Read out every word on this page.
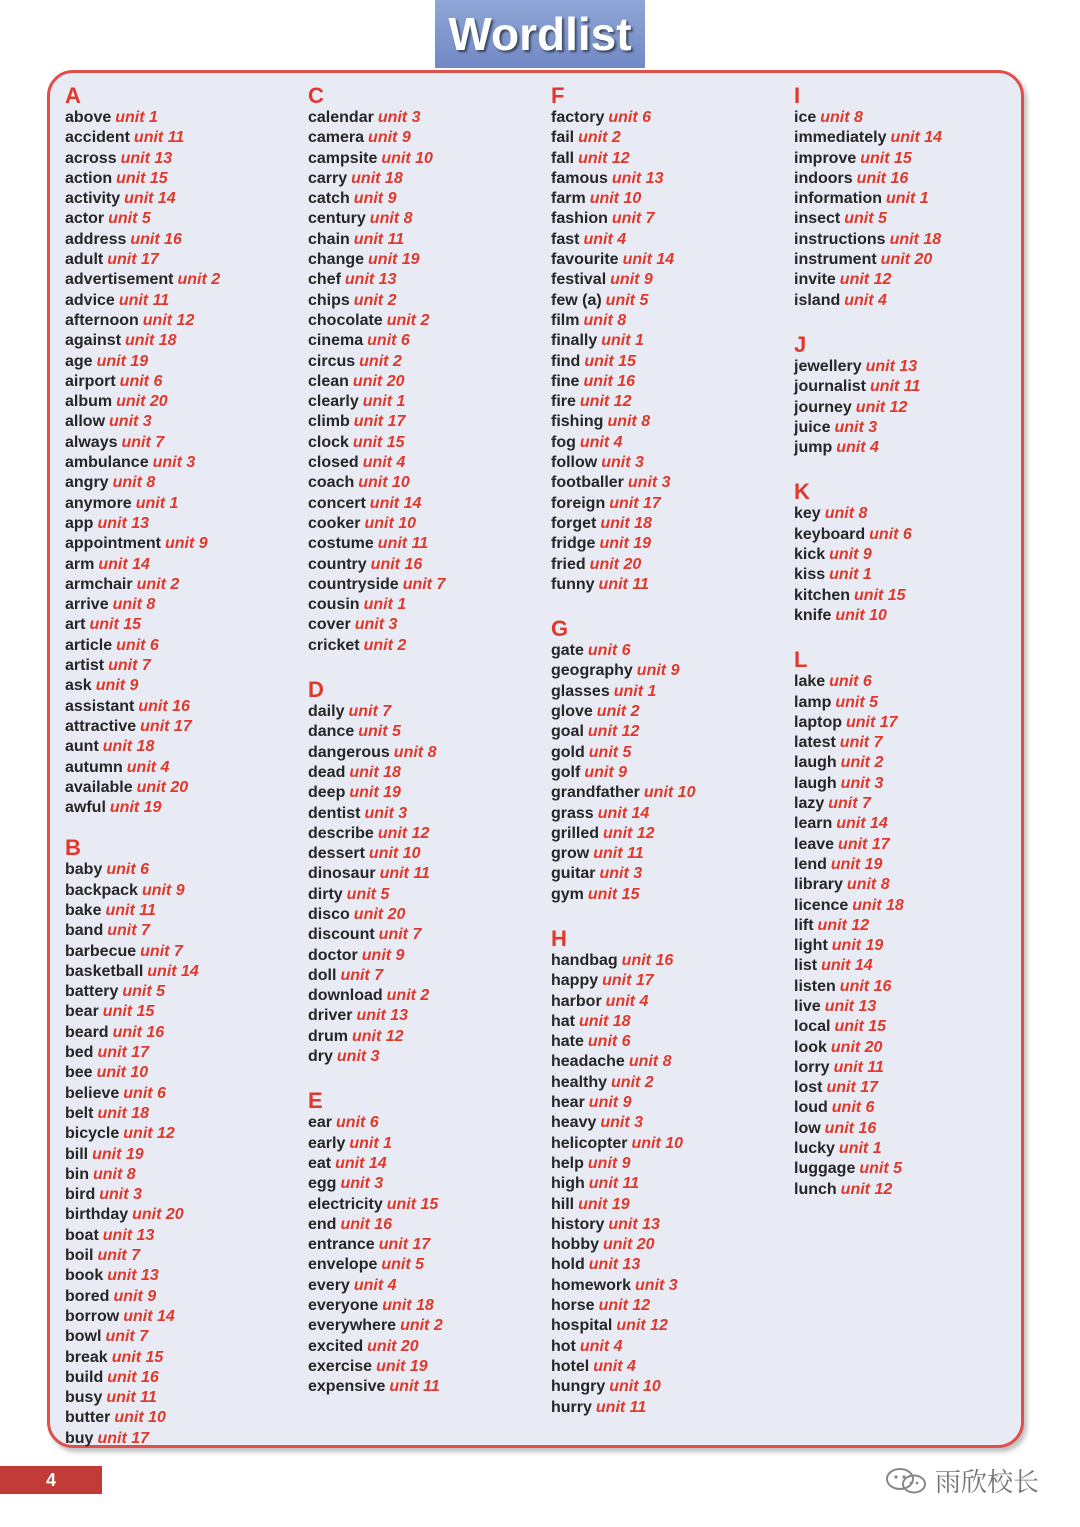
Wordlist
A
above unit 1
accident unit 11
across unit 13
action unit 15
activity unit 14
actor unit 5
address unit 16
adult unit 17
advertisement unit 2
advice unit 11
afternoon unit 12
against unit 18
age unit 19
airport unit 6
album unit 20
allow unit 3
always unit 7
ambulance unit 3
angry unit 8
anymore unit 1
app unit 13
appointment unit 9
arm unit 14
armchair unit 2
arrive unit 8
art unit 15
article unit 6
artist unit 7
ask unit 9
assistant unit 16
attractive unit 17
aunt unit 18
autumn unit 4
available unit 20
awful unit 19
B
baby unit 6
backpack unit 9
bake unit 11
band unit 7
barbecue unit 7
basketball unit 14
battery unit 5
bear unit 15
beard unit 16
bed unit 17
bee unit 10
believe unit 6
belt unit 18
bicycle unit 12
bill unit 19
bin unit 8
bird unit 3
birthday unit 20
boat unit 13
boil unit 7
book unit 13
bored unit 9
borrow unit 14
bowl unit 7
break unit 15
build unit 16
busy unit 11
butter unit 10
buy unit 17
C
calendar unit 3
camera unit 9
campsite unit 10
carry unit 18
catch unit 9
century unit 8
chain unit 11
change unit 19
chef unit 13
chips unit 2
chocolate unit 2
cinema unit 6
circus unit 2
clean unit 20
clearly unit 1
climb unit 17
clock unit 15
closed unit 4
coach unit 10
concert unit 14
cooker unit 10
costume unit 11
country unit 16
countryside unit 7
cousin unit 1
cover unit 3
cricket unit 2
D
daily unit 7
dance unit 5
dangerous unit 8
dead unit 18
deep unit 19
dentist unit 3
describe unit 12
dessert unit 10
dinosaur unit 11
dirty unit 5
disco unit 20
discount unit 7
doctor unit 9
doll unit 7
download unit 2
driver unit 13
drum unit 12
dry unit 3
E
ear unit 6
early unit 1
eat unit 14
egg unit 3
electricity unit 15
end unit 16
entrance unit 17
envelope unit 5
every unit 4
everyone unit 18
everywhere unit 2
excited unit 20
exercise unit 19
expensive unit 11
F
factory unit 6
fail unit 2
fall unit 12
famous unit 13
farm unit 10
fashion unit 7
fast unit 4
favourite unit 14
festival unit 9
few (a) unit 5
film unit 8
finally unit 1
find unit 15
fine unit 16
fire unit 12
fishing unit 8
fog unit 4
follow unit 3
footballer unit 3
foreign unit 17
forget unit 18
fridge unit 19
fried unit 20
funny unit 11
G
gate unit 6
geography unit 9
glasses unit 1
glove unit 2
goal unit 12
gold unit 5
golf unit 9
grandfather unit 10
grass unit 14
grilled unit 12
grow unit 11
guitar unit 3
gym unit 15
H
handbag unit 16
happy unit 17
harbor unit 4
hat unit 18
hate unit 6
headache unit 8
healthy unit 2
hear unit 9
heavy unit 3
helicopter unit 10
help unit 9
high unit 11
hill unit 19
history unit 13
hobby unit 20
hold unit 13
homework unit 3
horse unit 12
hospital unit 12
hot unit 4
hotel unit 4
hungry unit 10
hurry unit 11
I
ice unit 8
immediately unit 14
improve unit 15
indoors unit 16
information unit 1
insect unit 5
instructions unit 18
instrument unit 20
invite unit 12
island unit 4
J
jewellery unit 13
journalist unit 11
journey unit 12
juice unit 3
jump unit 4
K
key unit 8
keyboard unit 6
kick unit 9
kiss unit 1
kitchen unit 15
knife unit 10
L
lake unit 6
lamp unit 5
laptop unit 17
latest unit 7
laugh unit 2
laugh unit 3
lazy unit 7
learn unit 14
leave unit 17
lend unit 19
library unit 8
licence unit 18
lift unit 12
light unit 19
list unit 14
listen unit 16
live unit 13
local unit 15
look unit 20
lorry unit 11
lost unit 17
loud unit 6
low unit 16
lucky unit 1
luggage unit 5
lunch unit 12
4	雨欣校长
